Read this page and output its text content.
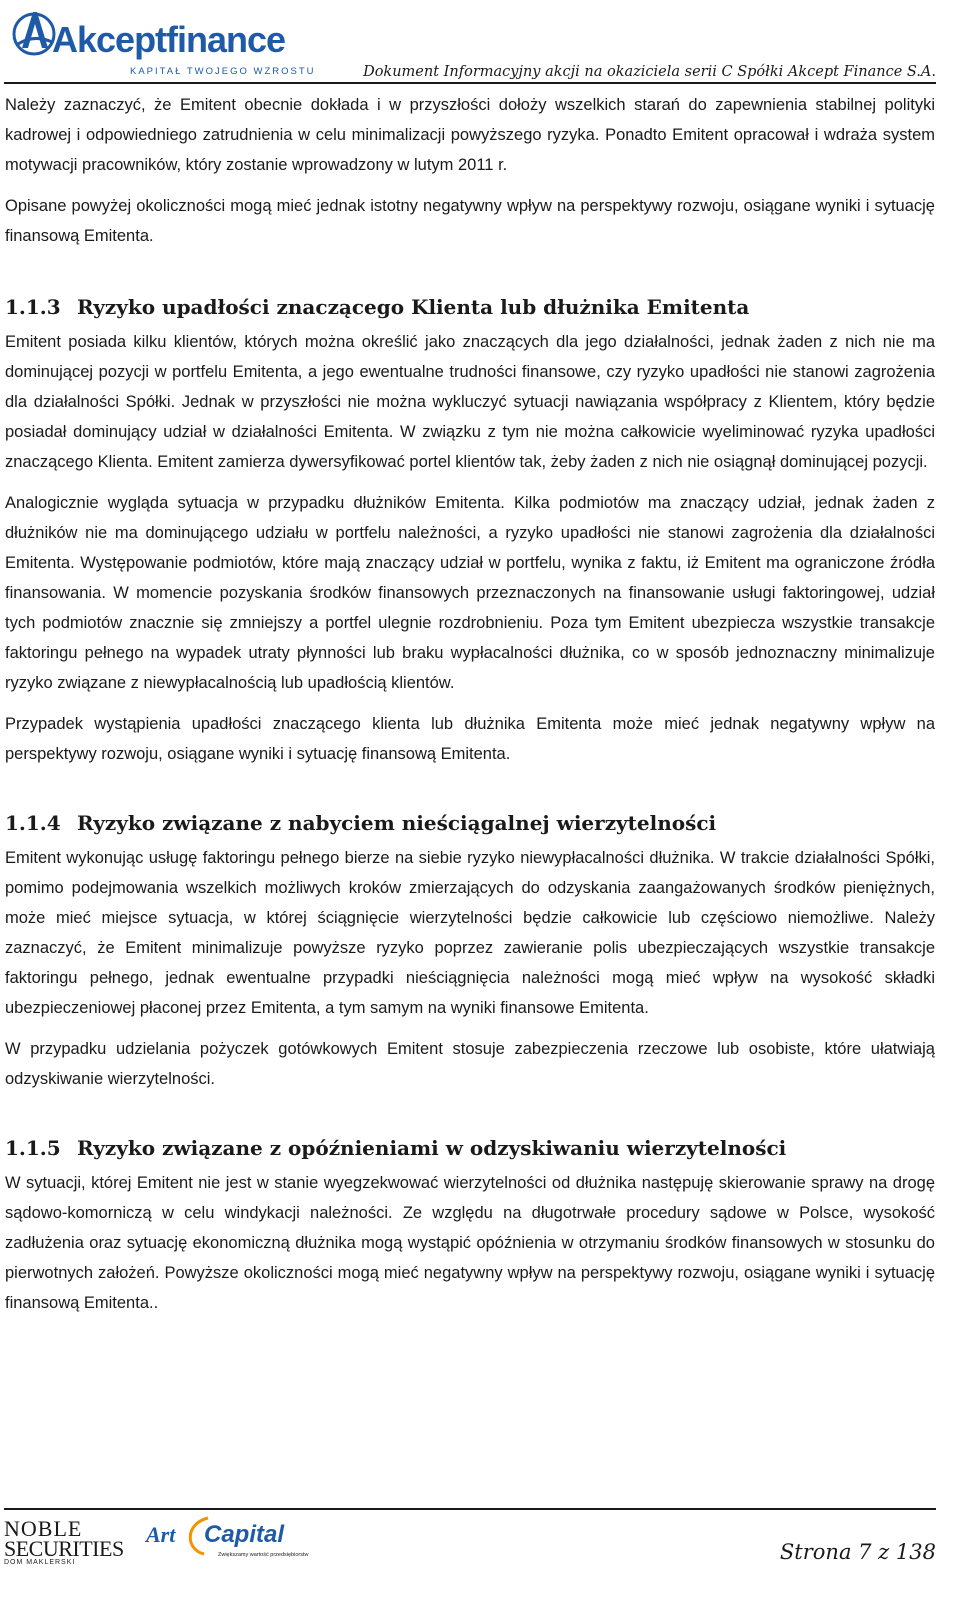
Akceptfinance
KAPITAŁ TWOJEGO WZROSTU	Dokument Informacyjny akcji na okaziciela serii C Spółki Akcept Finance S.A.

Należy zaznaczyć, że Emitent obecnie dokłada i w przyszłości dołoży wszelkich starań do zapewnienia stabilnej polityki kadrowej i odpowiedniego zatrudnienia w celu minimalizacji powyższego ryzyka. Ponadto Emitent opracował i wdraża system motywacji pracowników, który zostanie wprowadzony w lutym 2011 r.

Opisane powyżej okoliczności mogą mieć jednak istotny negatywny wpływ na perspektywy rozwoju, osiągane wyniki i sytuację finansową Emitenta.

1.1.3 Ryzyko upadłości znaczącego Klienta lub dłużnika Emitenta

Emitent posiada kilku klientów, których można określić jako znaczących dla jego działalności, jednak żaden z nich nie ma dominującej pozycji w portfelu Emitenta, a jego ewentualne trudności finansowe, czy ryzyko upadłości nie stanowi zagrożenia dla działalności Spółki. Jednak w przyszłości nie można wykluczyć sytuacji nawiązania współpracy z Klientem, który będzie posiadał dominujący udział w działalności Emitenta. W związku z tym nie można całkowicie wyeliminować ryzyka upadłości znaczącego Klienta. Emitent zamierza dywersyfikować portel klientów tak, żeby żaden z nich nie osiągnął dominującej pozycji.

Analogicznie wygląda sytuacja w przypadku dłużników Emitenta. Kilka podmiotów ma znaczący udział, jednak żaden z dłużników nie ma dominującego udziału w portfelu należności, a ryzyko upadłości nie stanowi zagrożenia dla działalności Emitenta. Występowanie podmiotów, które mają znaczący udział w portfelu, wynika z faktu, iż Emitent ma ograniczone źródła finansowania. W momencie pozyskania środków finansowych przeznaczonych na finansowanie usługi faktoringowej, udział tych podmiotów znacznie się zmniejszy a portfel ulegnie rozdrobnieniu. Poza tym Emitent ubezpiecza wszystkie transakcje faktoringu pełnego na wypadek utraty płynności lub braku wypłacalności dłużnika, co w sposób jednoznaczny minimalizuje ryzyko związane z niewypłacalnością lub upadłością klientów.

Przypadek wystąpienia upadłości znaczącego klienta lub dłużnika Emitenta może mieć jednak negatywny wpływ na perspektywy rozwoju, osiągane wyniki i sytuację finansową Emitenta.

1.1.4 Ryzyko związane z nabyciem nieściągalnej wierzytelności

Emitent wykonując usługę faktoringu pełnego bierze na siebie ryzyko niewypłacalności dłużnika. W trakcie działalności Spółki, pomimo podejmowania wszelkich możliwych kroków zmierzających do odzyskania zaangażowanych środków pieniężnych, może mieć miejsce sytuacja, w której ściągnięcie wierzytelności będzie całkowicie lub częściowo niemożliwe. Należy zaznaczyć, że Emitent minimalizuje powyższe ryzyko poprzez zawieranie polis ubezpieczających wszystkie transakcje faktoringu pełnego, jednak ewentualne przypadki nieściągnięcia należności mogą mieć wpływ na wysokość składki ubezpieczeniowej płaconej przez Emitenta, a tym samym na wyniki finansowe Emitenta.

W przypadku udzielania pożyczek gotówkowych Emitent stosuje zabezpieczenia rzeczowe lub osobiste, które ułatwiają odzyskiwanie wierzytelności.

1.1.5 Ryzyko związane z opóźnieniami w odzyskiwaniu wierzytelności

W sytuacji, której Emitent nie jest w stanie wyegzekwować wierzytelności od dłużnika następuję skierowanie sprawy na drogę sądowo-komorniczą w celu windykacji należności. Ze względu na długotrwałe procedury sądowe w Polsce, wysokość zadłużenia oraz sytuację ekonomiczną dłużnika mogą wystąpić opóźnienia w otrzymaniu środków finansowych w stosunku do pierwotnych założeń. Powyższe okoliczności mogą mieć negatywny wpływ na perspektywy rozwoju, osiągane wyniki i sytuację finansową Emitenta..

NOBLE
SECURITIES
DOM MAKLERSKI
Art Capital
Zwiększamy wartość przedsiębiorstw	Strona 7 z 138
